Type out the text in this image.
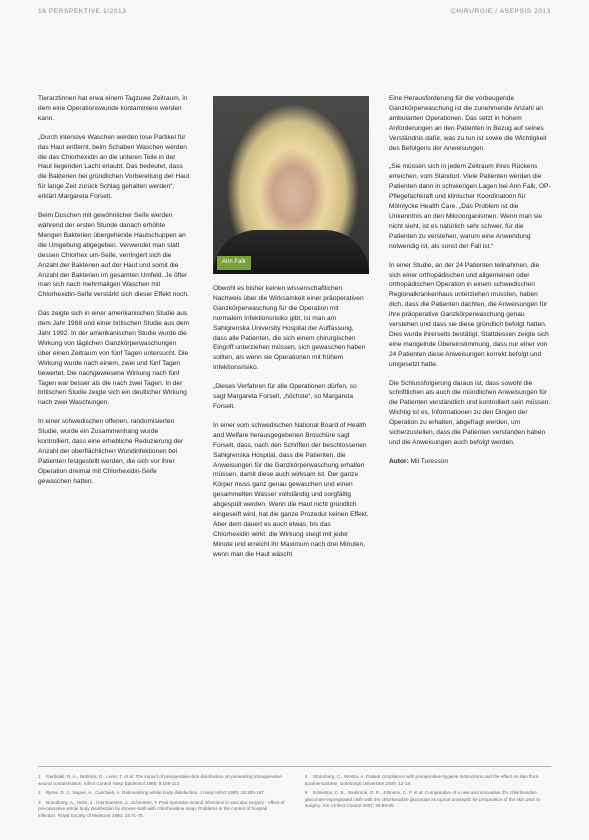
16 PERSPEKTIVE 1/2013	CHIRURGIE / ASEPSIS 2013

Tierarztinnen hat erwa einem Tagzuwe Zeitraum, in dem eine Operationswunde kontaminiere werden kann.

„Durch intensive Waschen werden lose Partikel für das Haut entfernt, beim Schaben Waschen werden die das Chlorhexidin an die unteren Teile in der Haut liegenden Lacht erlaubt. Das bedeutet, dass die Bakterien bei gründlichen Vorbereitung der Haut für lange Zeit zurück Schlag gehalten werden“, erklärt Margareta Forselt.

Beim Duschen mit gewöhnlicher Seife werden während der ersten Stunde danach erhöhte Mengen Bakterien übergehende Hautschuppen an die Umgebung abgegeben. Verwendet man statt dessen Chlorhex um-Seife, verringert sich die Anzahl der Bakterien auf der Haut und somit die Anzahl der Bakterien im gesamten Umfeld. Je öfter man sich nach mehrmaligen Waschen mit Chlorhexidin-Seife verstärkt sich dieser Effekt noch.

Das zeigte sich in einer amerikanischen Studie aus dem Jahr 1988 und einer britischen Studie aus dem Jahr 1992. In der amerikanischen Studie wurde die Wirkung von täglichen Ganzkörperwaschungen über einen Zeitraum von fünf Tagen untersucht. Die Wirkung wurde nach einem, zwei und fünf Tagen bewertet. Die nachgewiesene Wirkung nach fünf Tagen war besser als die nach zwei Tagen. In der britischen Studie zeigte sich ein deutlicher Wirkung nach zwei Waschungen.

In einer schwedischen offenen, randomisierten Studie, wurde ein Zusammenhang wurde kontrolliert, dass eine erhebliche Reduzierung der Anzahl der oberflächlichen Wundinfektionen bei Patienten festgestellt werden, die sich vor ihrer Operation dreimal mit Chlorhexidin-Seife gewaschen hatten.

Ann Falk

Obwohl es bisher keinen wissenschaftlichen Nachweis über die Wirksamkeit einer präoperativen Ganzkörperwaschung für die Operation mit normalem Infektionsrisiko gibt, ist man am Sahlgrenska University Hospital der Auffassung, dass alle Patienten, die sich einem chirurgischen Eingriff unterziehen müssen, sich gewaschen haben sollten, als wenn sie Operationen mit frühem Infektionsrisiko.

„Dieses Verfahren für alle Operationen dürfen, so sagt Margareta Forselt, „höchste“, so Margareta Forselt.

In einer vom schwedischen National Board of Health and Welfare herausgegebenen Broschüre sagt Forselt, dass, nach den Schriften der beschlossenen Sahlgrenska Hospital, dass die Patienten, die Anweisungen für die Ganzkörperwaschung erhalten müssen, damit diese auch wirksam ist. Der ganze Körper muss ganz genau gewaschen und einen gesammelten Wasser vollständig und sorgfältig abgespült werden. Wenn die Haut nicht gründlich eingeseift wird, hat die ganze Prozedur keinen Effekt. Aber dem dauert es auch etwas, bis das Chlorhexidin wirkt: die Wirkung steigt mit jeder Minute und erreicht ihr Maximum nach drei Minuten, wenn man die Haut wäscht

Eine Herausforderung für die vorbeugende Ganzkörperwaschung ist die zunehmende Anzahl an ambulanten Operationen. Das setzt in hohem Anforderungen an den Patienten in Bezug auf seines Verständnis dafür, was zu tun ist sowie die Wichtigkeit des Befolgens der Anweisungen.

„Sie müssen sich in jedem Zeitraum ihres Rückens erreichen, vom Standort. Viele Patienten werden die Patienten dann in schwierigen Lagen bei Ann Falk, OP-Pflegefachkraft und klinischer Koordinatorin für Mölnlycke Health Care. „Das Problem ist die Unkenntnis an den Mikroorganismen. Wenn man sie nicht sieht, ist es natürlich sehr schwer, für die Patienten zu verstehen, warum eine Anwendung notwendig ist, als sonst der Fall ist.“

In einer Studie, an der 24 Patienten teilnahmen, die sich einer orthopädischen und allgemeinen oder orthopädischen Operation in einem schwedischen Regionalkrankenhaus unterziehen mussten, haben dich, dass die Patienten dachten, die Anweisungen für ihre präoperative Ganzkörperwaschung genau verstehen und dass sie diese gründlich befolgt hatten. Dies wurde ihrerseits bestätigt. Stattdessen zeigte sich eine mangelnde Übereinstimmung, dass nur einer von 24 Patienten diese Anweisungen korrekt befolgt und umgesetzt hatte.

Die Schlussfolgerung daraus ist, dass sowohl die schriftlichen als auch die mündlichen Anweisungen für die Patienten verständlich und kontrolliert sein müssen. Wichtig ist es, Informationen zu den Dingen der Operation zu erhalten, abgefragt werden, um sicherzustellen, dass die Patienten verstanden haben und die Anweisungen auch befolgt werden.

Autor: Mil Turesson

1 Garibaldi, R. A., Skolnick, D., Lerer, T. et al. The impact of preoperative skin disinfection on preventing intraoperative wound contamination. Infect Control Hosp Epidemiol 1988; 9:109-113.

2 Byrne, D. J., Napier, A., Cuschieri, A. Rationalizing whole body disinfection. J Hosp Infect 1990; 15:183-187.

3 Brandberg, A., Holm, J., Hammarsten, J., Schersten, T. Post-operative wound infections in vascular surgery - effect of pre-operative whole body disinfection by shower-bath with chlorhexidine soap. Problems in the control of hospital infection. Royal Society of Medicine 1980; 23:71-75.

4 Stromberg, C., Westin, A. Patient compliance with preoperative hygiene instructions and the effect on skin flora. Examensarbete, Göteborgs Universitet 2009; 12-19.

5 Edmiston, C. E., Seabrook, G. R., Johnson, C. P. et al. Comparative of a new and innovative 2% chlorhexidine gluconate-impregnated cloth with 4% chlorhexidine gluconate as topical antiseptic for preparation of the skin prior to surgery. Am J Infect Control 2007; 35:89-96.
